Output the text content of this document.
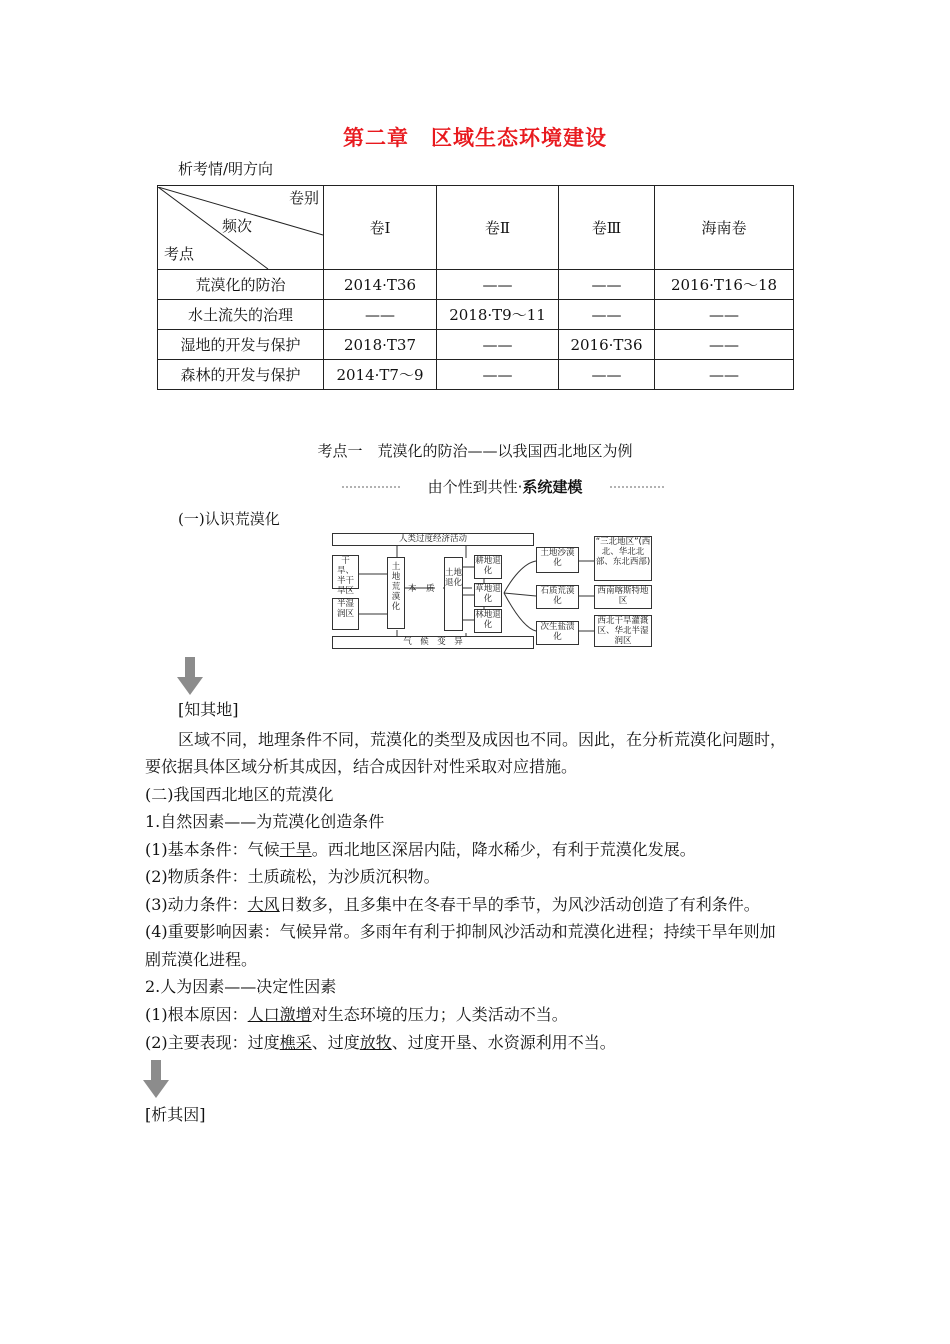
第二章　区域生态环境建设
析考情/明方向
卷别
频次
考点	卷Ⅰ	卷Ⅱ	卷Ⅲ	海南卷
荒漠化的防治	2014·T36	——	——	2016·T16～18
水土流失的治理	——	2018·T9～11	——	——
湿地的开发与保护	2018·T37	——	2016·T36	——
森林的开发与保护	2014·T7～9	——	——	——
考点一　荒漠化的防治——以我国西北地区为例
由个性到共性·系统建模
(一)认识荒漠化
人类过度经济活动
气　候　变　异
干旱、半干旱区
半湿润区
土地荒漠化
本 质
土地退化
耕地退化
草地退化
林地退化
土地沙漠化
石质荒漠化
次生盐渍化
“三北地区”(西北、华北北部、东北西部)
西南喀斯特地区
西北干旱灌溉区、华北半湿润区
[知其地]
区域不同，地理条件不同，荒漠化的类型及成因也不同。因此，在分析荒漠化问题时，
要依据具体区域分析其成因，结合成因针对性采取对应措施。
(二)我国西北地区的荒漠化
1.自然因素——为荒漠化创造条件
(1)基本条件：气候干旱。西北地区深居内陆，降水稀少，有利于荒漠化发展。
(2)物质条件：土质疏松，为沙质沉积物。
(3)动力条件：大风日数多，且多集中在冬春干旱的季节，为风沙活动创造了有利条件。
(4)重要影响因素：气候异常。多雨年有利于抑制风沙活动和荒漠化进程；持续干旱年则加
剧荒漠化进程。
2.人为因素——决定性因素
(1)根本原因：人口激增对生态环境的压力；人类活动不当。
(2)主要表现：过度樵采、过度放牧、过度开垦、水资源利用不当。
[析其因]
